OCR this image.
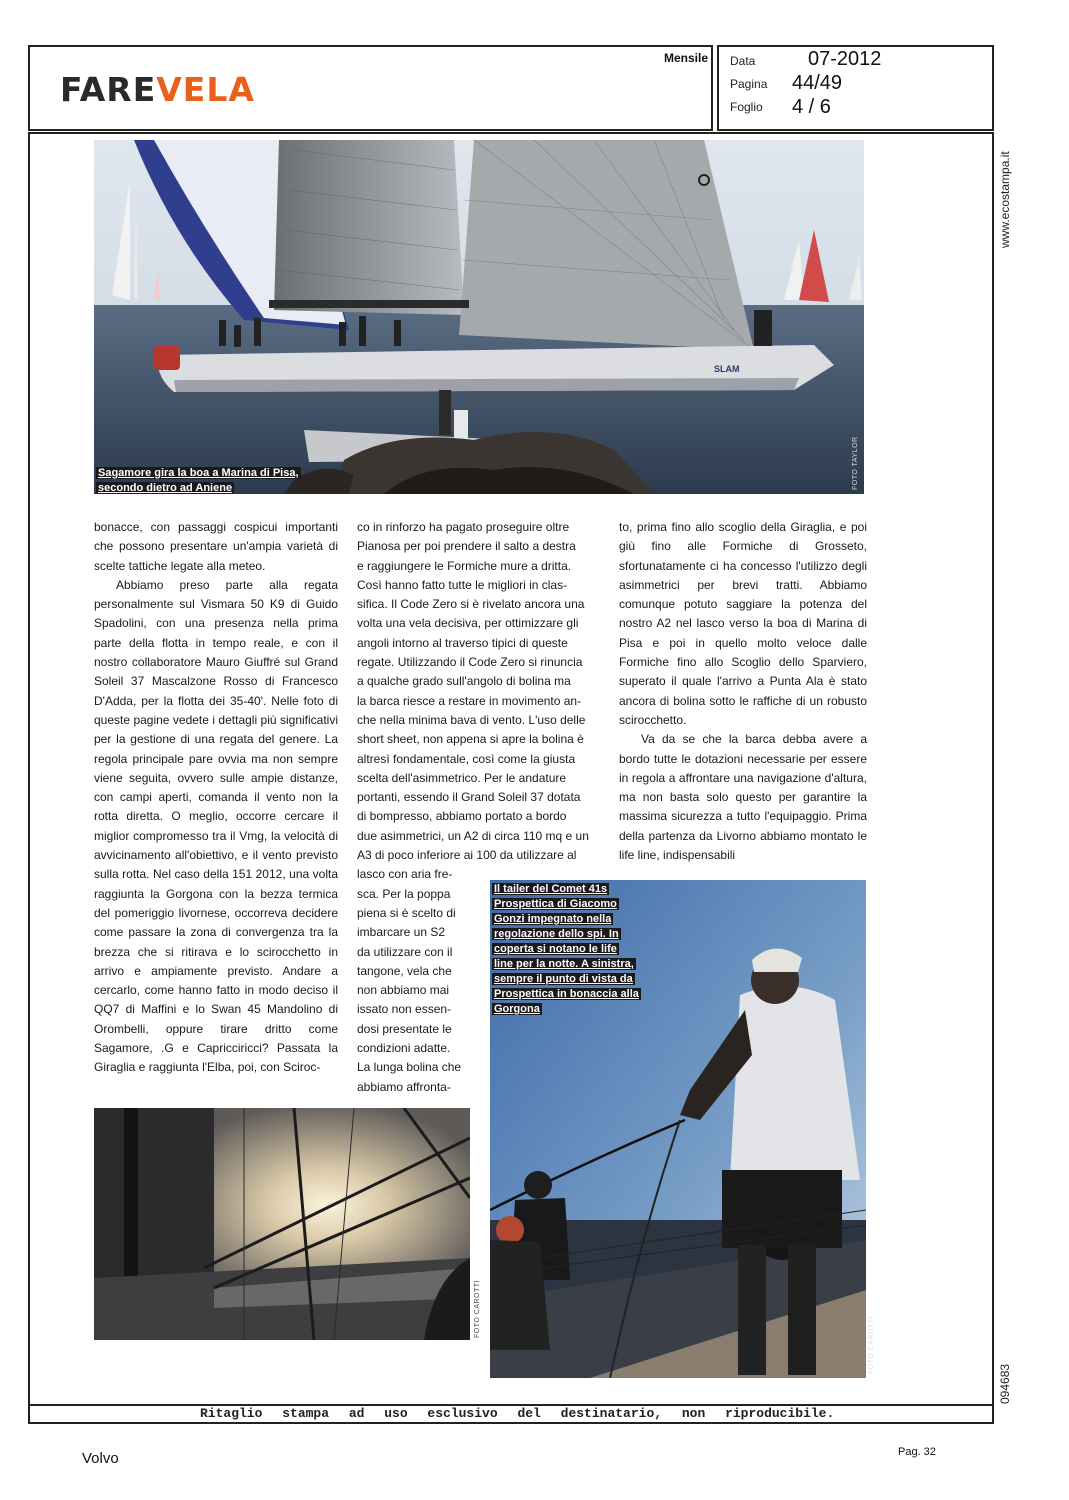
FAREVELA
Mensile Data	07-2012
Pagina 44/49
Foglio 4 / 6
www.ecostampa.it
094683
SLAM
Sagamore gira la boa a Marina di Pisa,
secondo dietro ad Aniene	FOTO TAYLOR

bonacce, con passaggi cospicui importanti che possono presentare un'ampia varietà di scelte tattiche legate alla meteo.

Abbiamo preso parte alla regata personalmente sul Vismara 50 K9 di Guido Spadolini, con una presenza nella prima parte della flotta in tempo reale, e con il nostro collaboratore Mauro Giuffré sul Grand Soleil 37 Mascalzone Rosso di Francesco D'Adda, per la flotta dei 35-40'. Nelle foto di queste pagine vedete i dettagli più significativi per la gestione di una regata del genere. La regola principale pare ovvia ma non sempre viene seguita, ovvero sulle ampie distanze, con campi aperti, comanda il vento non la rotta diretta. O meglio, occorre cercare il miglior compromesso tra il Vmg, la velocità di avvicinamento all'obiettivo, e il vento previsto sulla rotta. Nel caso della 151 2012, una volta raggiunta la Gorgona con la bezza termica del pomeriggio livornese, occorreva decidere come passare la zona di convergenza tra la brezza che si ritirava e lo scirocchetto in arrivo e ampiamente previsto. Andare a cercarlo, come hanno fatto in modo deciso il QQ7 di Maffini e lo Swan 45 Mandolino di Orombelli, oppure tirare dritto come Sagamore, .G e Capricciricci? Passata la Giraglia e raggiunta l'Elba, poi, con Sciroc-

co in rinforzo ha pagato proseguire oltre
Pianosa per poi prendere il salto a destra
e raggiungere le Formiche mure a dritta.
Così hanno fatto tutte le migliori in clas-
sifica. Il Code Zero si è rivelato ancora una
volta una vela decisiva, per ottimizzare gli
angoli intorno al traverso tipici di queste
regate. Utilizzando il Code Zero si rinuncia
a qualche grado sull'angolo di bolina ma
la barca riesce a restare in movimento an-
che nella minima bava di vento. L'uso delle
short sheet, non appena si apre la bolina è
altresì fondamentale, così come la giusta
scelta dell'asimmetrico. Per le andature
portanti, essendo il Grand Soleil 37 dotata
di bompresso, abbiamo portato a bordo
due asimmetrici, un A2 di circa 110 mq e un
A3 di poco inferiore ai 100 da utilizzare al
lasco con aria fre-
sca. Per la poppa
piena si è scelto di
imbarcare un S2
da utilizzare con il
tangone, vela che
non abbiamo mai
issato non essen-
dosi presentate le
condizioni adatte.
La lunga bolina che
abbiamo affronta-

to, prima fino allo scoglio della Giraglia, e poi giù fino alle Formiche di Grosseto, sfortunatamente ci ha concesso l'utilizzo degli asimmetrici per brevi tratti. Abbiamo comunque potuto saggiare la potenza del nostro A2 nel lasco verso la boa di Marina di Pisa e poi in quello molto veloce dalle Formiche fino allo Scoglio dello Sparviero, superato il quale l'arrivo a Punta Ala è stato ancora di bolina sotto le raffiche di un robusto scirocchetto.

Va da se che la barca debba avere a bordo tutte le dotazioni necessarie per essere in regola a affrontare una navigazione d'altura, ma non basta solo questo per garantire la massima sicurezza a tutto l'equipaggio. Prima della partenza da Livorno abbiamo montato le life line, indispensabili

FOTO CAROTTI
Il tailer del Comet 41s
Prospettica di Giacomo
Gonzi impegnato nella
regolazione dello spi. In
coperta si notano le life
line per la notte. A sinistra,
sempre il punto di vista da
Prospettica in bonaccia alla
Gorgona
FOTO CAROTTI
Ritaglio stampa ad uso esclusivo del destinatario, non riproducibile.
Volvo	Pag. 32
